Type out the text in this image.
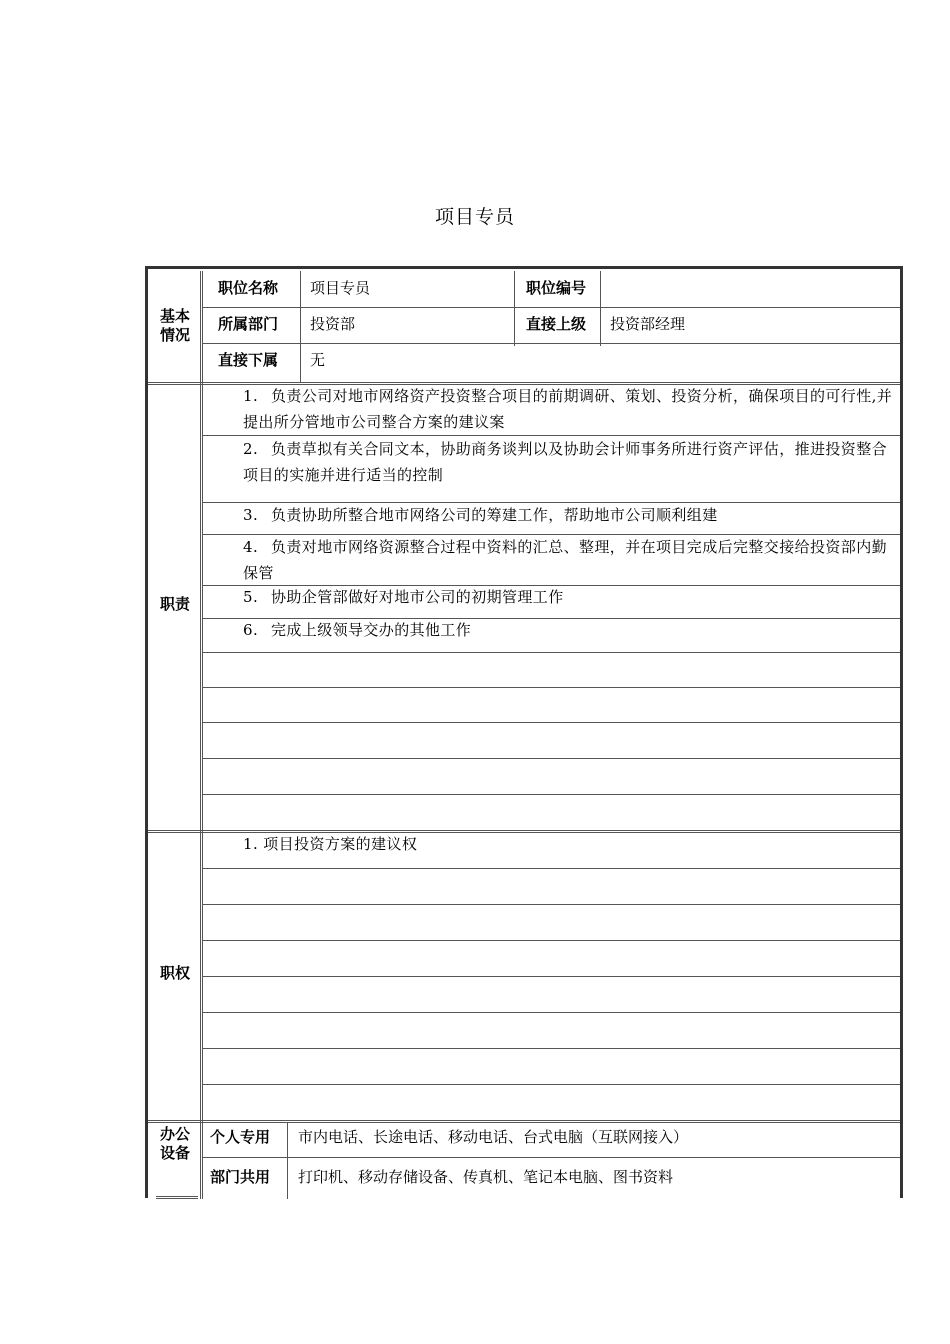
项目专员
基本情况
职责
职权
办公设备
职位名称 项目专员	职位编号
所属部门 投资部	直接上级 投资部经理
直接下属 无
1. 负责公司对地市网络资产投资整合项目的前期调研、策划、投资分析，确保项目的可行性,并提出所分管地市公司整合方案的建议案
2. 负责草拟有关合同文本，协助商务谈判以及协助会计师事务所进行资产评估，推进投资整合项目的实施并进行适当的控制
3. 负责协助所整合地市网络公司的筹建工作，帮助地市公司顺利组建
4. 负责对地市网络资源整合过程中资料的汇总、整理，并在项目完成后完整交接给投资部内勤保管
5. 协助企管部做好对地市公司的初期管理工作
6. 完成上级领导交办的其他工作
1. 项目投资方案的建议权
个人专用 市内电话、长途电话、移动电话、台式电脑（互联网接入）
部门共用 打印机、移动存储设备、传真机、笔记本电脑、图书资料
